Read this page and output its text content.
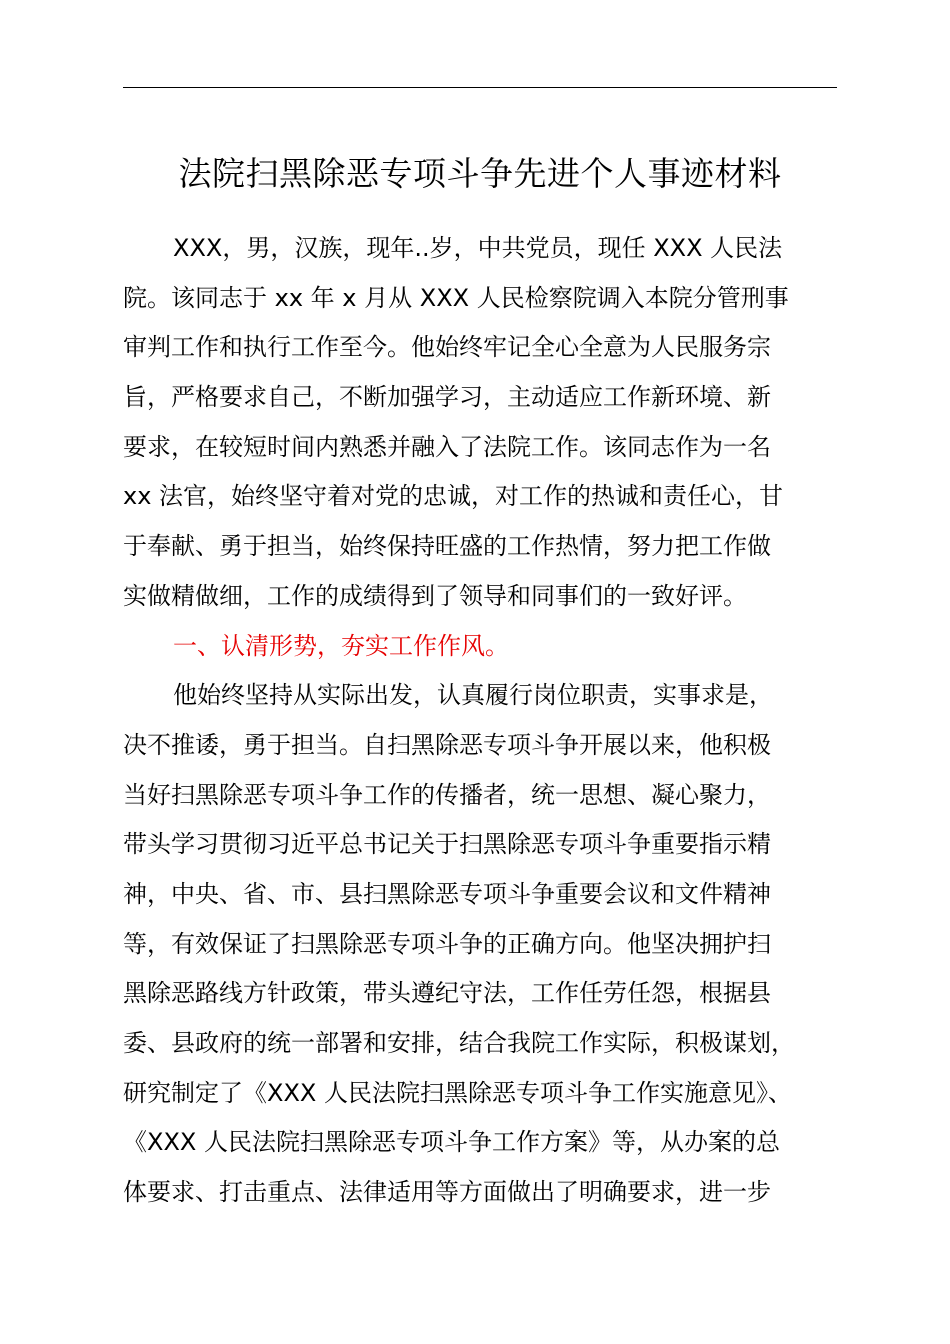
法院扫黑除恶专项斗争先进个人事迹材料
XXX，男，汉族，现年..岁，中共党员，现任 XXX 人民法
院。该同志于 xx 年 x 月从 XXX 人民检察院调入本院分管刑事
审判工作和执行工作至今。他始终牢记全心全意为人民服务宗
旨，严格要求自己，不断加强学习，主动适应工作新环境、新
要求，在较短时间内熟悉并融入了法院工作。该同志作为一名
xx 法官，始终坚守着对党的忠诚，对工作的热诚和责任心，甘
于奉献、勇于担当，始终保持旺盛的工作热情，努力把工作做
实做精做细，工作的成绩得到了领导和同事们的一致好评。
一、认清形势，夯实工作作风。
他始终坚持从实际出发，认真履行岗位职责，实事求是，
决不推诿，勇于担当。自扫黑除恶专项斗争开展以来，他积极
当好扫黑除恶专项斗争工作的传播者，统一思想、凝心聚力，
带头学习贯彻习近平总书记关于扫黑除恶专项斗争重要指示精
神，中央、省、市、县扫黑除恶专项斗争重要会议和文件精神
等，有效保证了扫黑除恶专项斗争的正确方向。他坚决拥护扫
黑除恶路线方针政策，带头遵纪守法，工作任劳任怨，根据县
委、县政府的统一部署和安排，结合我院工作实际，积极谋划，
研究制定了《XXX 人民法院扫黑除恶专项斗争工作实施意见》、
《XXX 人民法院扫黑除恶专项斗争工作方案》等，从办案的总
体要求、打击重点、法律适用等方面做出了明确要求，进一步
